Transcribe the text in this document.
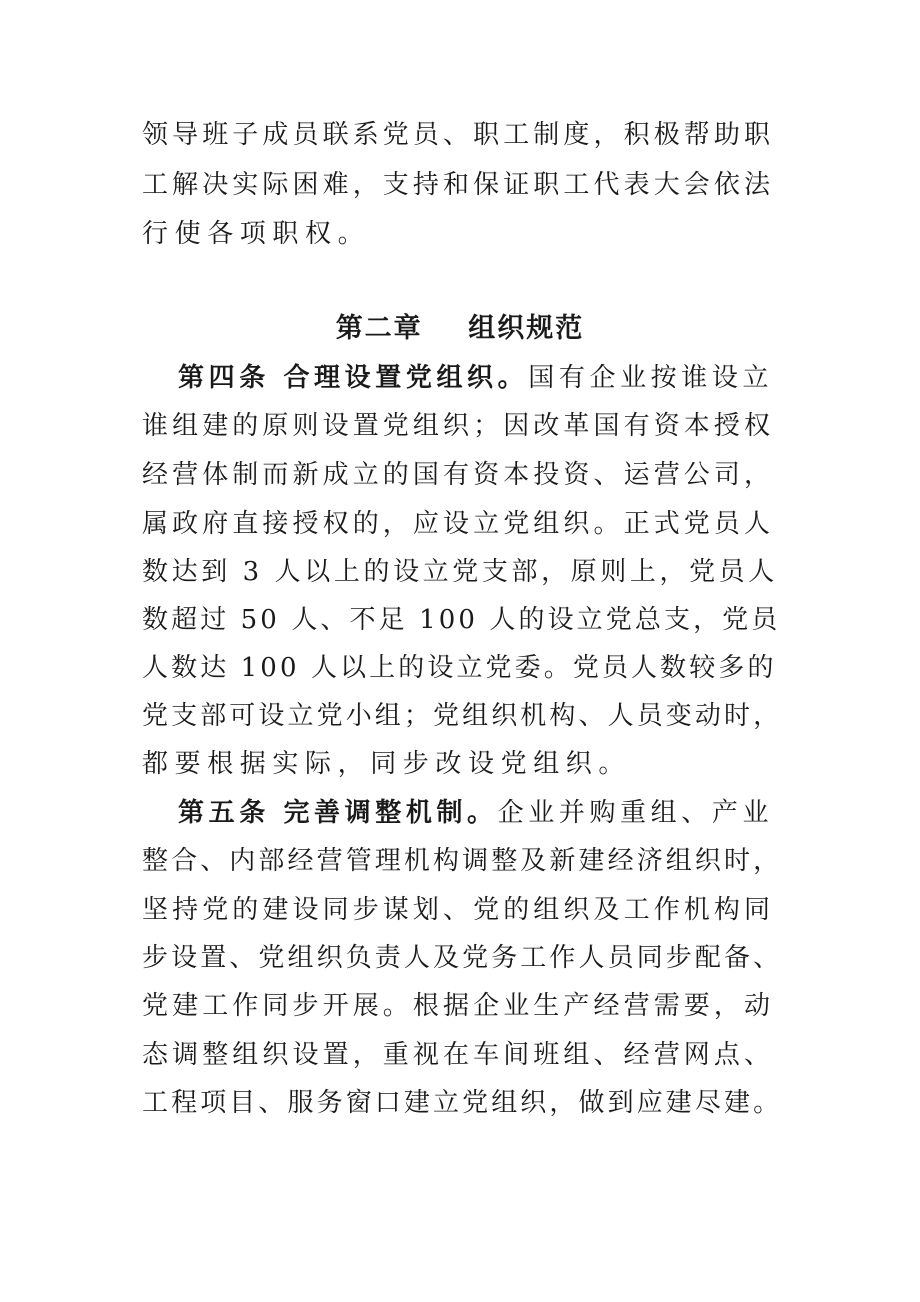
领导班子成员联系党员、职工制度，积极帮助职
工解决实际困难，支持和保证职工代表大会依法
行使各项职权。
第二章    组织规范
第四条 合理设置党组织。国有企业按谁设立
谁组建的原则设置党组织；因改革国有资本授权
经营体制而新成立的国有资本投资、运营公司，
属政府直接授权的，应设立党组织。正式党员人
数达到 3 人以上的设立党支部，原则上，党员人
数超过 50 人、不足 100 人的设立党总支，党员
人数达 100 人以上的设立党委。党员人数较多的
党支部可设立党小组；党组织机构、人员变动时，
都要根据实际，同步改设党组织。
第五条 完善调整机制。企业并购重组、产业
整合、内部经营管理机构调整及新建经济组织时，
坚持党的建设同步谋划、党的组织及工作机构同
步设置、党组织负责人及党务工作人员同步配备、
党建工作同步开展。根据企业生产经营需要，动
态调整组织设置，重视在车间班组、经营网点、
工程项目、服务窗口建立党组织，做到应建尽建。
